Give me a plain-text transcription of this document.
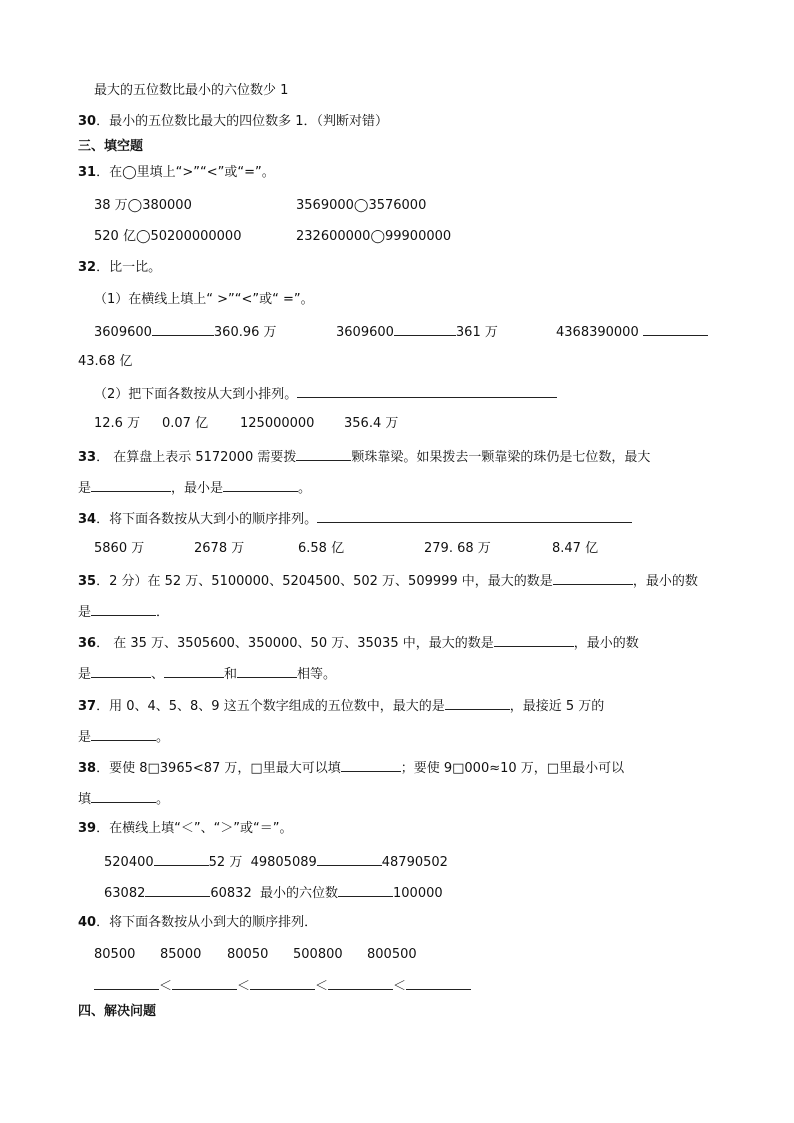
最大的五位数比最小的六位数少 1
30．最小的五位数比最大的四位数多 1．（判断对错）
三、填空题
31．在◯里填上“>”“<”或“=”。
38 万◯380000	3569000◯3576000
520 亿◯50200000000	232600000◯99900000
32．比一比。
（1）在横线上填上“ >”“<”或“ =”。
3609600	360.96 万	3609600	361 万	4368390000
43.68 亿
（2）把下面各数按从大到小排列。
12.6 万 0.07 亿 125000000 356.4 万
33． 在算盘上表示 5172000 需要拨	颗珠靠梁。如果拨去一颗靠梁的珠仍是七位数，最大
是	，最小是	。
34．将下面各数按从大到小的顺序排列。
5860 万	2678 万	6.58 亿	279. 68 万	8.47 亿
35．2 分）在 52 万、5100000、5204500、502 万、509999 中，最大的数是	，最小的数
是	．
36． 在 35 万、3505600、350000、50 万、35035 中，最大的数是	，最小的数
是	、	和	相等。
37．用 0、4、5、8、9 这五个数字组成的五位数中，最大的是	，最接近 5 万的
是	。
38．要使 8□3965<87 万，□里最大可以填	；要使 9□000≈10 万，□里最小可以
填	。
39．在横线上填“＜”、“＞”或“＝”。
520400	52 万 49805089	48790502
63082	60832 最小的六位数	100000
40．将下面各数按从小到大的顺序排列．
80500 85000 80050 500800 800500
＜	＜	＜	＜
四、解决问题
